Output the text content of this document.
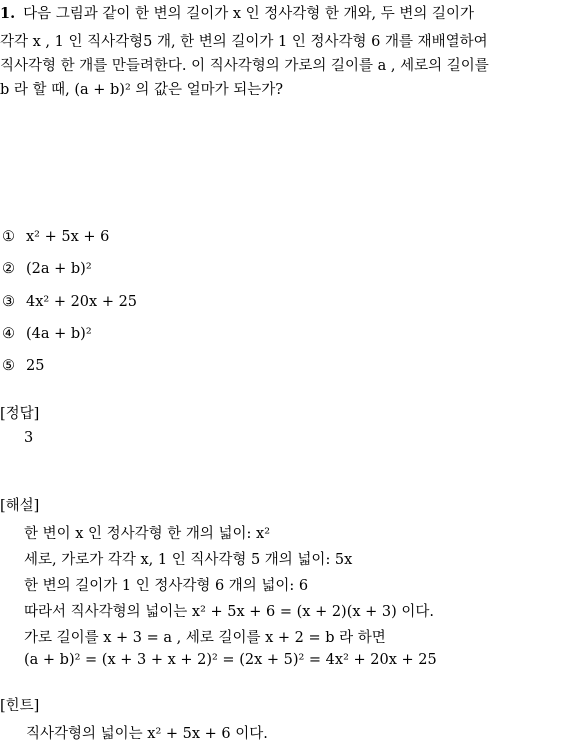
1. 다음 그림과 같이 한 변의 길이가 x 인 정사각형 한 개와, 두 변의 길이가
각각 x , 1 인 직사각형5 개, 한 변의 길이가 1 인 정사각형 6 개를 재배열하여
직사각형 한 개를 만들려한다. 이 직사각형의 가로의 길이를 a , 세로의 길이를
b 라 할 때, (a + b)² 의 값은 얼마가 되는가?
① x² + 5x + 6
② (2a + b)²
③ 4x² + 20x + 25
④ (4a + b)²
⑤ 25
[정답]
3
[해설]
한 변이 x 인 정사각형 한 개의 넓이: x²
세로, 가로가 각각 x, 1 인 직사각형 5 개의 넓이: 5x
한 변의 길이가 1 인 정사각형 6 개의 넓이: 6
따라서 직사각형의 넓이는 x² + 5x + 6 = (x + 2)(x + 3) 이다.
가로 길이를 x + 3 = a , 세로 길이를 x + 2 = b 라 하면
(a + b)² = (x + 3 + x + 2)² = (2x + 5)² = 4x² + 20x + 25
[힌트]
직사각형의 넓이는 x² + 5x + 6 이다.
